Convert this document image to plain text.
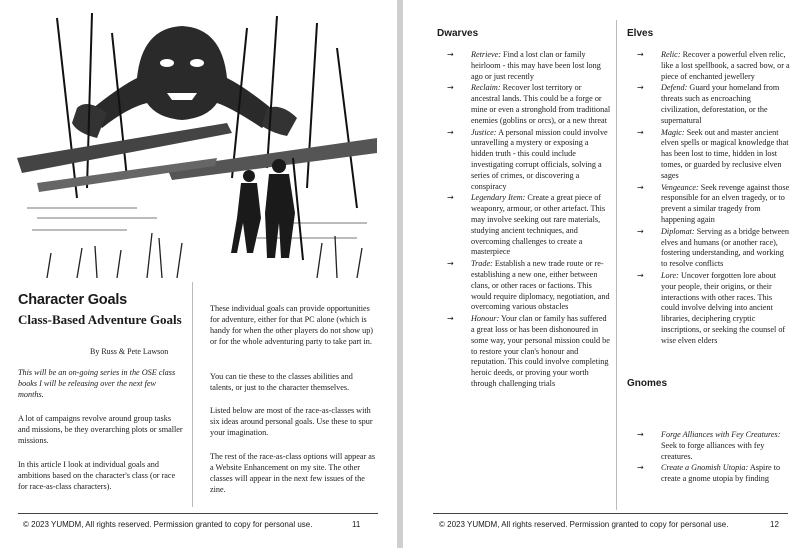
Character Goals
Class-Based Adventure Goals
By Russ & Pete Lawson

This will be an on-going series in the OSE class books I will be releasing over the next few months.

A lot of campaigns revolve around group tasks and missions, be they overarching plots or smaller missions.

In this article I look at individual goals and ambitions based on the character's class (or race for race-as-class characters).

These individual goals can provide opportunities for adventure, either for that PC alone (which is handy for when the other players do not show up) or for the whole adventuring party to take part in.

You can tie these to the classes abilities and talents, or just to the character themselves.

Listed below are most of the race-as-classes with six ideas around personal goals. Use these to spur your imagination.

The rest of the race-as-class options will appear as a Website Enhancement on my site. The other classes will appear in the next few issues of the zine.

© 2023 YUMDM, All rights reserved. Permission granted to copy for personal use.	11
Dwarves
→ Retrieve: Find a lost clan or family heirloom - this may have been lost long ago or just recently
→ Reclaim: Recover lost territory or ancestral lands. This could be a forge or mine or even a stronghold from traditional enemies (goblins or orcs), or a new threat
→ Justice: A personal mission could involve unravelling a mystery or exposing a hidden truth - this could include investigating corrupt officials, solving a series of crimes, or discovering a conspiracy
→ Legendary Item: Create a great piece of weaponry, armour, or other artefact. This may involve seeking out rare materials, studying ancient techniques, and overcoming challenges to create a masterpiece
→ Trade: Establish a new trade route or re-establishing a new one, either between clans, or other races or factions. This would require diplomacy, negotiation, and overcoming various obstacles
→ Honour: Your clan or family has suffered a great loss or has been dishonoured in some way, your personal mission could be to restore your clan's honour and reputation. This could involve completing heroic deeds, or proving your worth through challenging trials
Elves
→ Relic: Recover a powerful elven relic, like a lost spellbook, a sacred bow, or a piece of enchanted jewellery
→ Defend: Guard your homeland from threats such as encroaching civilization, deforestation, or the supernatural
→ Magic: Seek out and master ancient elven spells or magical knowledge that has been lost to time, hidden in lost tomes, or guarded by reclusive elven sages
→ Vengeance: Seek revenge against those responsible for an elven tragedy, or to prevent a similar tragedy from happening again
→ Diplomat: Serving as a bridge between elves and humans (or another race), fostering understanding, and working to resolve conflicts
→ Lore: Uncover forgotten lore about your people, their origins, or their interactions with other races. This could involve delving into ancient libraries, deciphering cryptic inscriptions, or seeking the counsel of wise elven elders
Gnomes
→ Forge Alliances with Fey Creatures: Seek to forge alliances with fey creatures.
→ Create a Gnomish Utopia: Aspire to create a gnome utopia by finding
© 2023 YUMDM, All rights reserved. Permission granted to copy for personal use.	12
